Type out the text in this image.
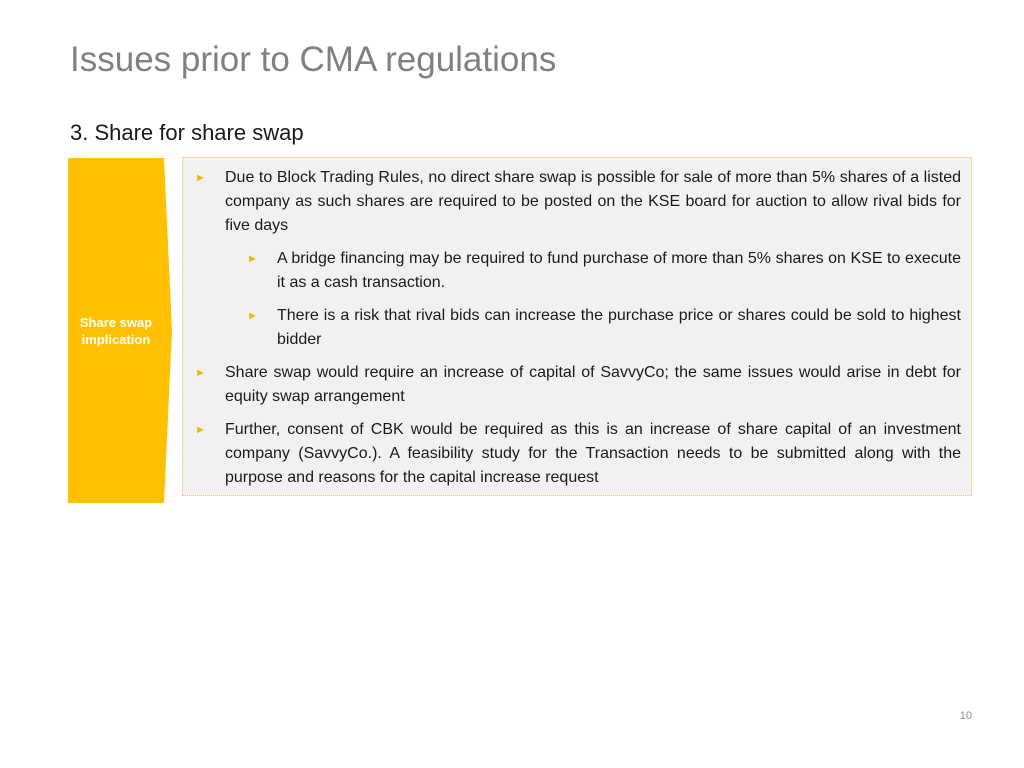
Issues prior to CMA regulations
3. Share for share swap
Share swap
implication
► Due to Block Trading Rules, no direct share swap is possible for sale of more than 5% shares of a listed company as such shares are required to be posted on the KSE board for auction to allow rival bids for five days
► A bridge financing may be required to fund purchase of more than 5% shares on KSE to execute it as a cash transaction.
► There is a risk that rival bids can increase the purchase price or shares could be sold to highest bidder
► Share swap would require an increase of capital of SavvyCo; the same issues would arise in debt for equity swap arrangement
► Further, consent of CBK would be required as this is an increase of share capital of an investment company (SavvyCo.). A feasibility study for the Transaction needs to be submitted along with the purpose and reasons for the capital increase request
10
